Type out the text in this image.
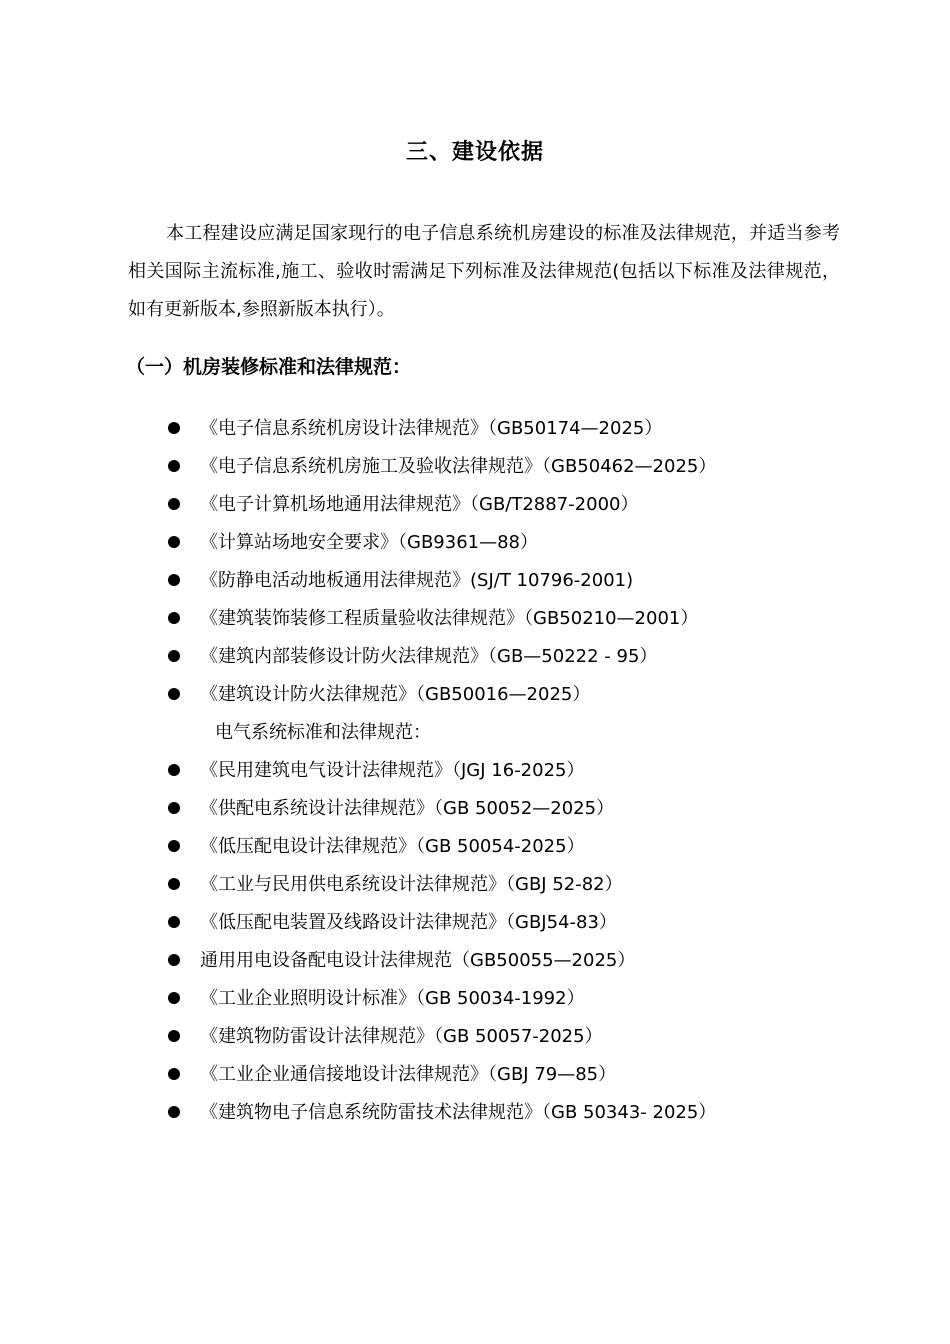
三、建设依据
本工程建设应满足国家现行的电子信息系统机房建设的标准及法律规范，并适当参考相关国际主流标准,施工、验收时需满足下列标准及法律规范(包括以下标准及法律规范，如有更新版本,参照新版本执行）。
（一）机房装修标准和法律规范：
《电子信息系统机房设计法律规范》（GB50174—2025）
《电子信息系统机房施工及验收法律规范》（GB50462—2025）
《电子计算机场地通用法律规范》（GB/T2887-2000）
《计算站场地安全要求》（GB9361—88）
《防静电活动地板通用法律规范》(SJ/T 10796-2001)
《建筑装饰装修工程质量验收法律规范》（GB50210—2001）
《建筑内部装修设计防火法律规范》（GB—50222 - 95）
《建筑设计防火法律规范》（GB50016—2025）
电气系统标准和法律规范：
《民用建筑电气设计法律规范》（JGJ 16-2025）
《供配电系统设计法律规范》（GB 50052—2025）
《低压配电设计法律规范》（GB 50054-2025）
《工业与民用供电系统设计法律规范》（GBJ 52-82）
《低压配电装置及线路设计法律规范》（GBJ54-83）
通用用电设备配电设计法律规范（GB50055—2025）
《工业企业照明设计标准》（GB 50034-1992）
《建筑物防雷设计法律规范》（GB 50057-2025）
《工业企业通信接地设计法律规范》（GBJ 79—85）
《建筑物电子信息系统防雷技术法律规范》（GB 50343- 2025）
